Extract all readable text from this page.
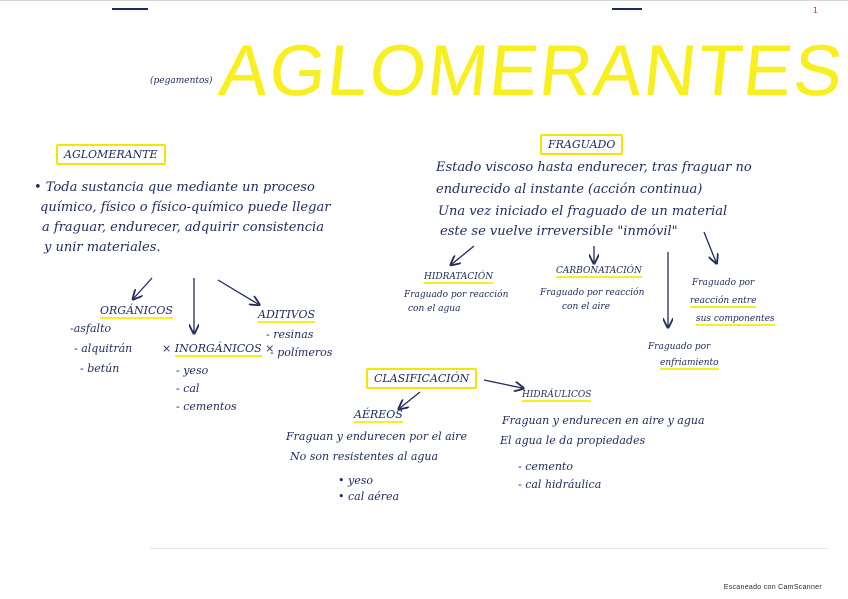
1
(pegamentos) AGLOMERANTES
AGLOMERANTE
• Toda sustancia que mediante un proceso
químico, físico o físico-químico puede llegar
a fraguar, endurecer, adquirir consistencia
y unir materiales.
ORGÁNICOS
-asfalto
- alquitrán
- betún
× INORGÁNICOS ×
- yeso
- cal
- cementos
ADITIVOS
- resinas
- polímeros
FRAGUADO
Estado viscoso hasta endurecer, tras fraguar no
endurecido al instante (acción continua)
Una vez iniciado el fraguado de un material
este se vuelve irreversible "inmóvil"
HIDRATACIÓN
Fraguado por reacción
con el agua
CARBONATACIÓN
Fraguado por reacción
con el aire
Fraguado por
reacción entre
sus componentes
Fraguado por
enfriamiento
CLASIFICACIÓN
AÉREOS
Fraguan y endurecen por el aire
No son resistentes al agua
• yeso
• cal aérea
HIDRÁULICOS
Fraguan y endurecen en aire y agua
El agua le da propiedades
- cemento
- cal hidráulica
Escaneado con CamScanner
